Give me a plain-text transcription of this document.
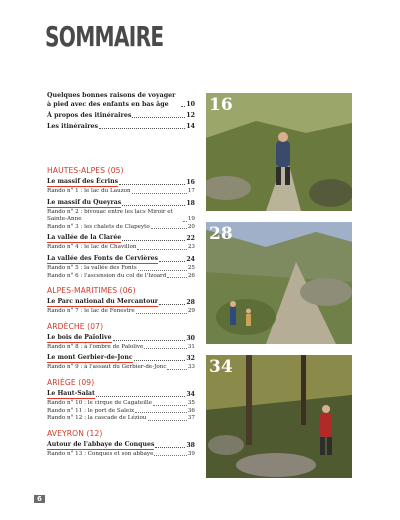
SOMMAIRE
Quelques bonnes raisons de voyager à pied avec des enfants en bas âge	10
À propos des itinéraires	12
Les itinéraires	14
HAUTES-ALPES (05)
Le massif des Écrins	16
Rando n° 1 : le lac du Lauzon	17
Le massif du Queyras	18
Rando n° 2 : bivouac entre les lacs Miroir et Sainte-Anne	19
Rando n° 3 : les chalets de Clapeyto	20
La vallée de la Clarée	22
Rando n° 4 : le lac de Chavillon	23
La vallée des Fonts de Cervières	24
Rando n° 5 : la vallée des Fonts	25
Rando n° 6 : l'ascension du col de l'Izoard	26
ALPES-MARITIMES (06)
Le Parc national du Mercantour	28
Rando n° 7 : le lac de Fenestre	29
ARDÈCHE (07)
Le bois de Païolive	30
Rando n° 8 : à l'ombre de Païolive	31
Le mont Gerbier-de-Jonc	32
Rando n° 9 : à l'assaut du Gerbier-de-Jonc	33
ARIÈGE (09)
Le Haut-Salat	34
Rando n° 10 : le cirque de Cagateille	35
Rando n° 11 : le port de Saleix	36
Rando n° 12 : la cascade de Léziou	37
AVEYRON (12)
Autour de l'abbaye de Conques	38
Rando n° 13 : Conques et son abbaye	39
16
28
34
6
